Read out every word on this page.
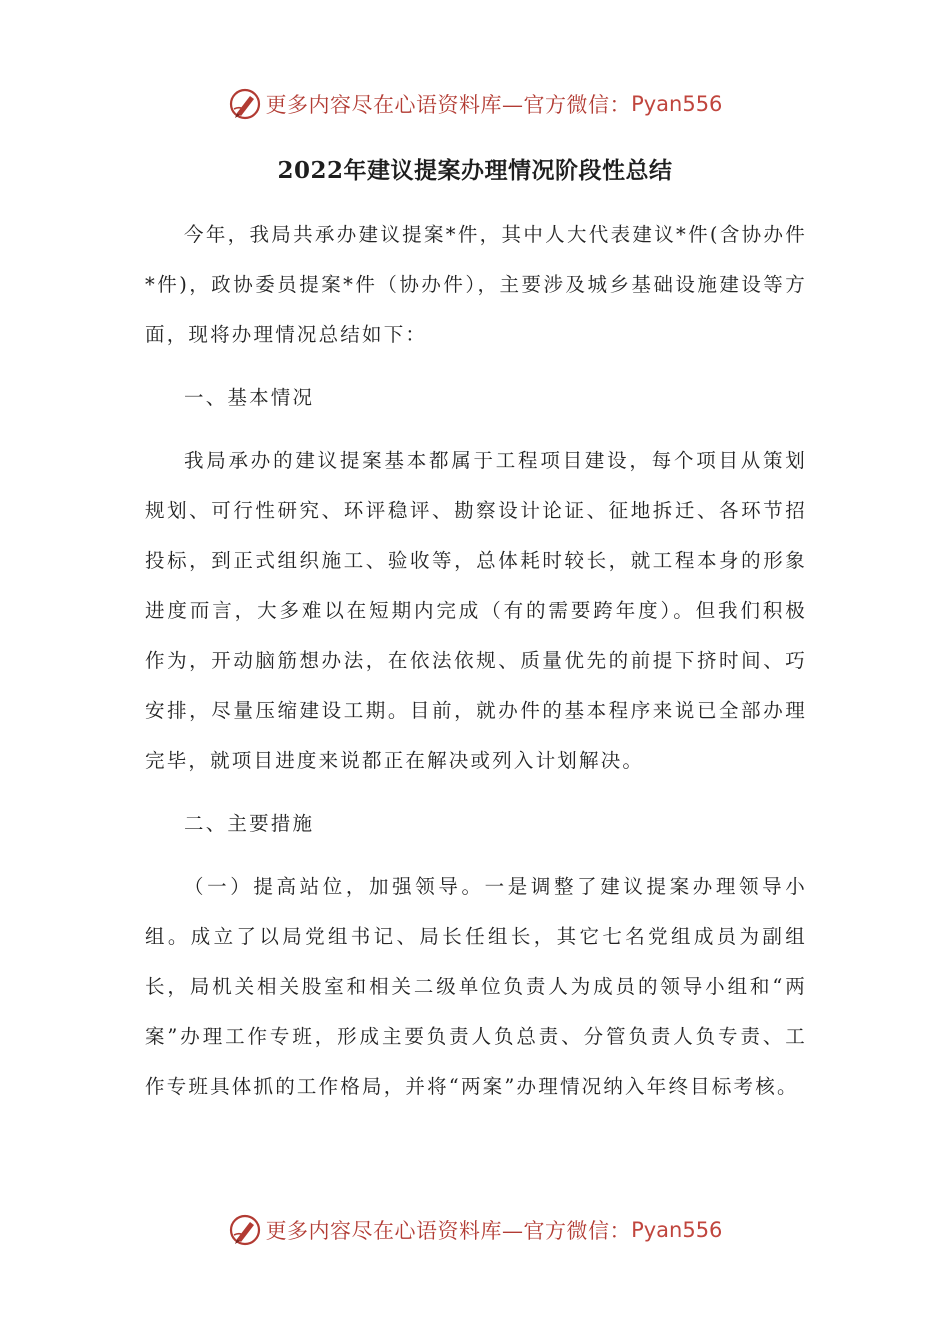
更多内容尽在心语资料库—官方微信： Pyan556
2022年建议提案办理情况阶段性总结

今年，我局共承办建议提案*件，其中人大代表建议*件(含协办件*件)，政协委员提案*件（协办件），主要涉及城乡基础设施建设等方面，现将办理情况总结如下：

一、基本情况

我局承办的建议提案基本都属于工程项目建设，每个项目从策划规划、可行性研究、环评稳评、勘察设计论证、征地拆迁、各环节招投标，到正式组织施工、验收等，总体耗时较长，就工程本身的形象进度而言，大多难以在短期内完成（有的需要跨年度）。但我们积极作为，开动脑筋想办法，在依法依规、质量优先的前提下挤时间、巧安排，尽量压缩建设工期。目前，就办件的基本程序来说已全部办理完毕，就项目进度来说都正在解决或列入计划解决。

二、主要措施

（一）提高站位，加强领导。一是调整了建议提案办理领导小组。成立了以局党组书记、局长任组长，其它七名党组成员为副组长，局机关相关股室和相关二级单位负责人为成员的领导小组和“两案”办理工作专班，形成主要负责人负总责、分管负责人负专责、工作专班具体抓的工作格局，并将“两案”办理情况纳入年终目标考核。

更多内容尽在心语资料库—官方微信： Pyan556
